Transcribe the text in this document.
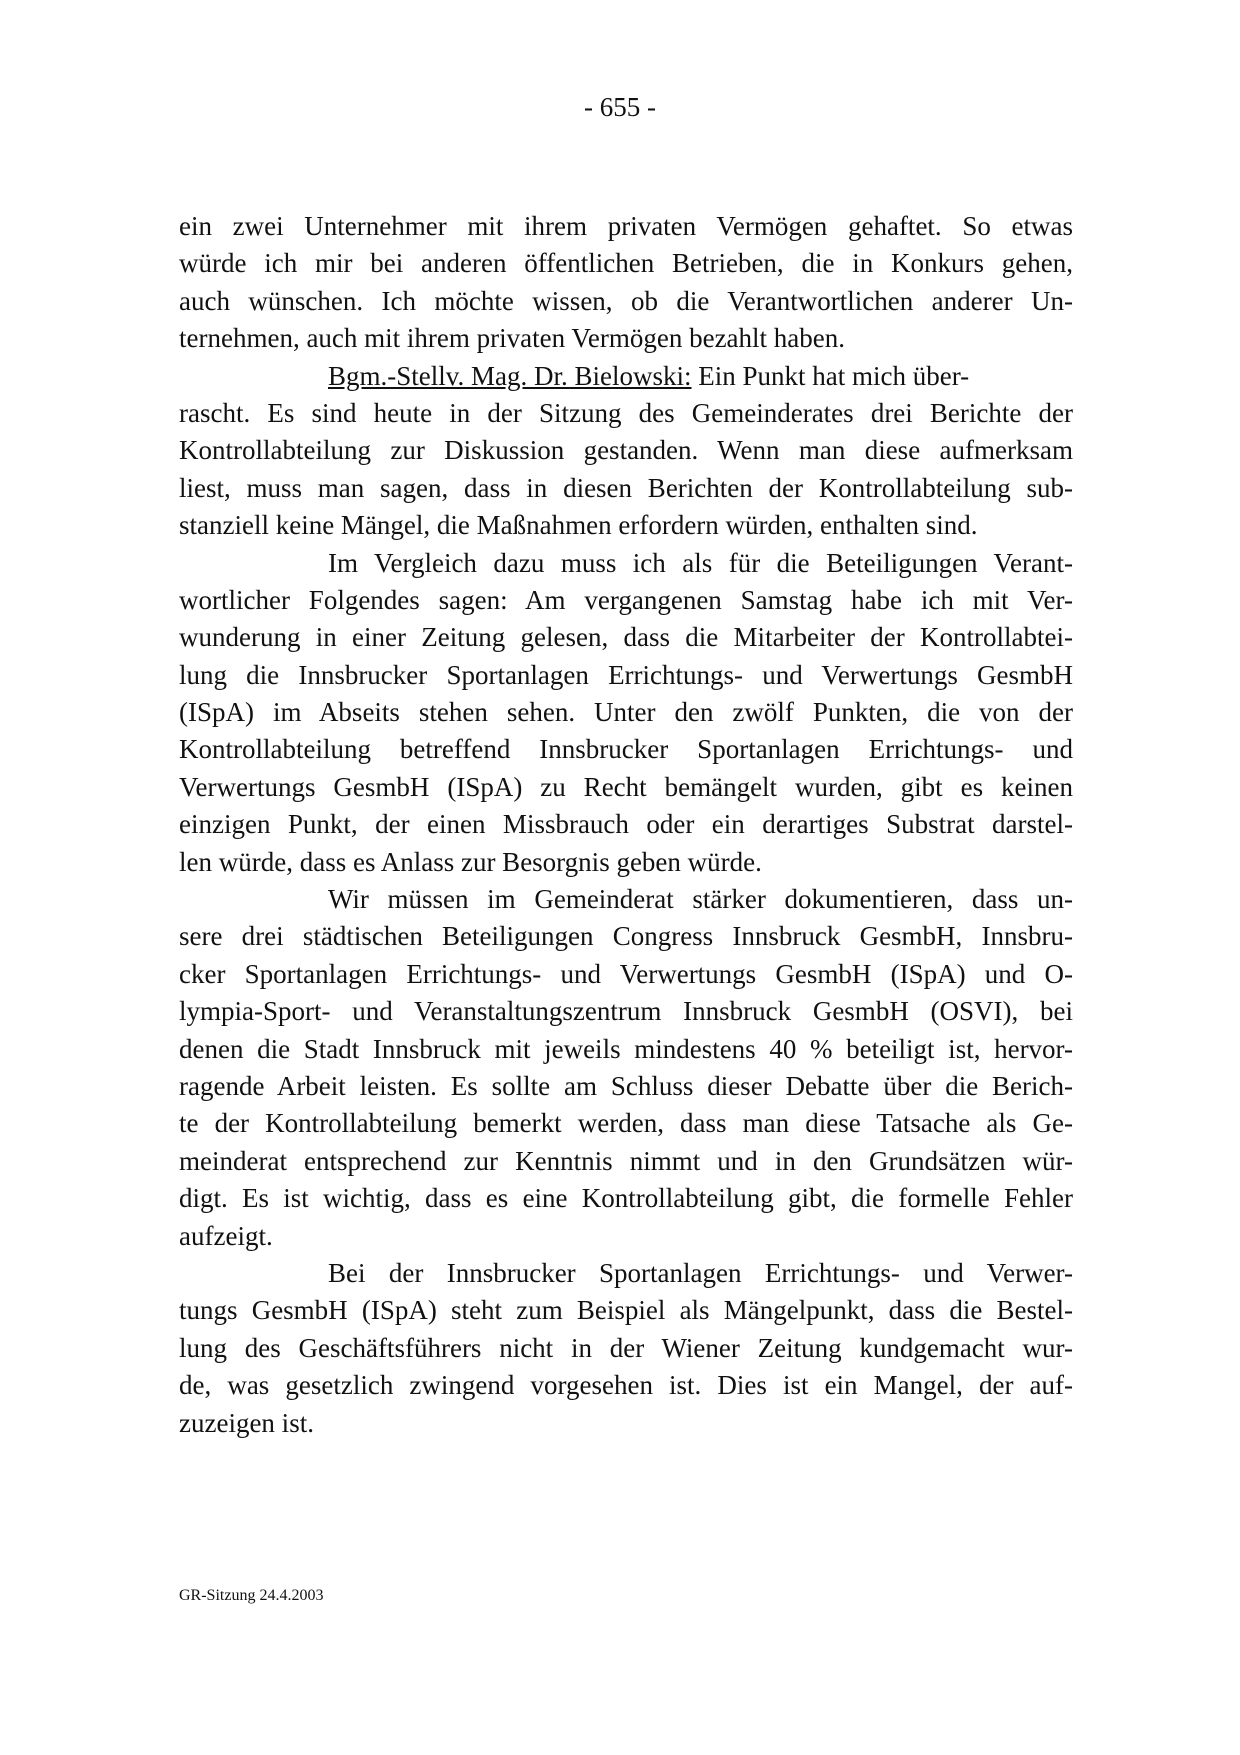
- 655 -
ein zwei Unternehmer mit ihrem privaten Vermögen gehaftet. So etwas
würde ich mir bei anderen öffentlichen Betrieben, die in Konkurs gehen,
auch wünschen. Ich möchte wissen, ob die Verantwortlichen anderer Un-
ternehmen, auch mit ihrem privaten Vermögen bezahlt haben.
Bgm.-Stellv. Mag. Dr. Bielowski: Ein Punkt hat mich über-
rascht. Es sind heute in der Sitzung des Gemeinderates drei Berichte der
Kontrollabteilung zur Diskussion gestanden. Wenn man diese aufmerksam
liest, muss man sagen, dass in diesen Berichten der Kontrollabteilung sub-
stanziell keine Mängel, die Maßnahmen erfordern würden, enthalten sind.
Im Vergleich dazu muss ich als für die Beteiligungen Verant-
wortlicher Folgendes sagen: Am vergangenen Samstag habe ich mit Ver-
wunderung in einer Zeitung gelesen, dass die Mitarbeiter der Kontrollabtei-
lung die Innsbrucker Sportanlagen Errichtungs- und Verwertungs GesmbH
(ISpA) im Abseits stehen sehen. Unter den zwölf Punkten, die von der
Kontrollabteilung betreffend Innsbrucker Sportanlagen Errichtungs- und
Verwertungs GesmbH (ISpA) zu Recht bemängelt wurden, gibt es keinen
einzigen Punkt, der einen Missbrauch oder ein derartiges Substrat darstel-
len würde, dass es Anlass zur Besorgnis geben würde.
Wir müssen im Gemeinderat stärker dokumentieren, dass un-
sere drei städtischen Beteiligungen Congress Innsbruck GesmbH, Innsbru-
cker Sportanlagen Errichtungs- und Verwertungs GesmbH (ISpA) und O-
lympia-Sport- und Veranstaltungszentrum Innsbruck GesmbH (OSVI), bei
denen die Stadt Innsbruck mit jeweils mindestens 40 % beteiligt ist, hervor-
ragende Arbeit leisten. Es sollte am Schluss dieser Debatte über die Berich-
te der Kontrollabteilung bemerkt werden, dass man diese Tatsache als Ge-
meinderat entsprechend zur Kenntnis nimmt und in den Grundsätzen wür-
digt. Es ist wichtig, dass es eine Kontrollabteilung gibt, die formelle Fehler
aufzeigt.
Bei der Innsbrucker Sportanlagen Errichtungs- und Verwer-
tungs GesmbH (ISpA) steht zum Beispiel als Mängelpunkt, dass die Bestel-
lung des Geschäftsführers nicht in der Wiener Zeitung kundgemacht wur-
de, was gesetzlich zwingend vorgesehen ist. Dies ist ein Mangel, der auf-
zuzeigen ist.
GR-Sitzung 24.4.2003
